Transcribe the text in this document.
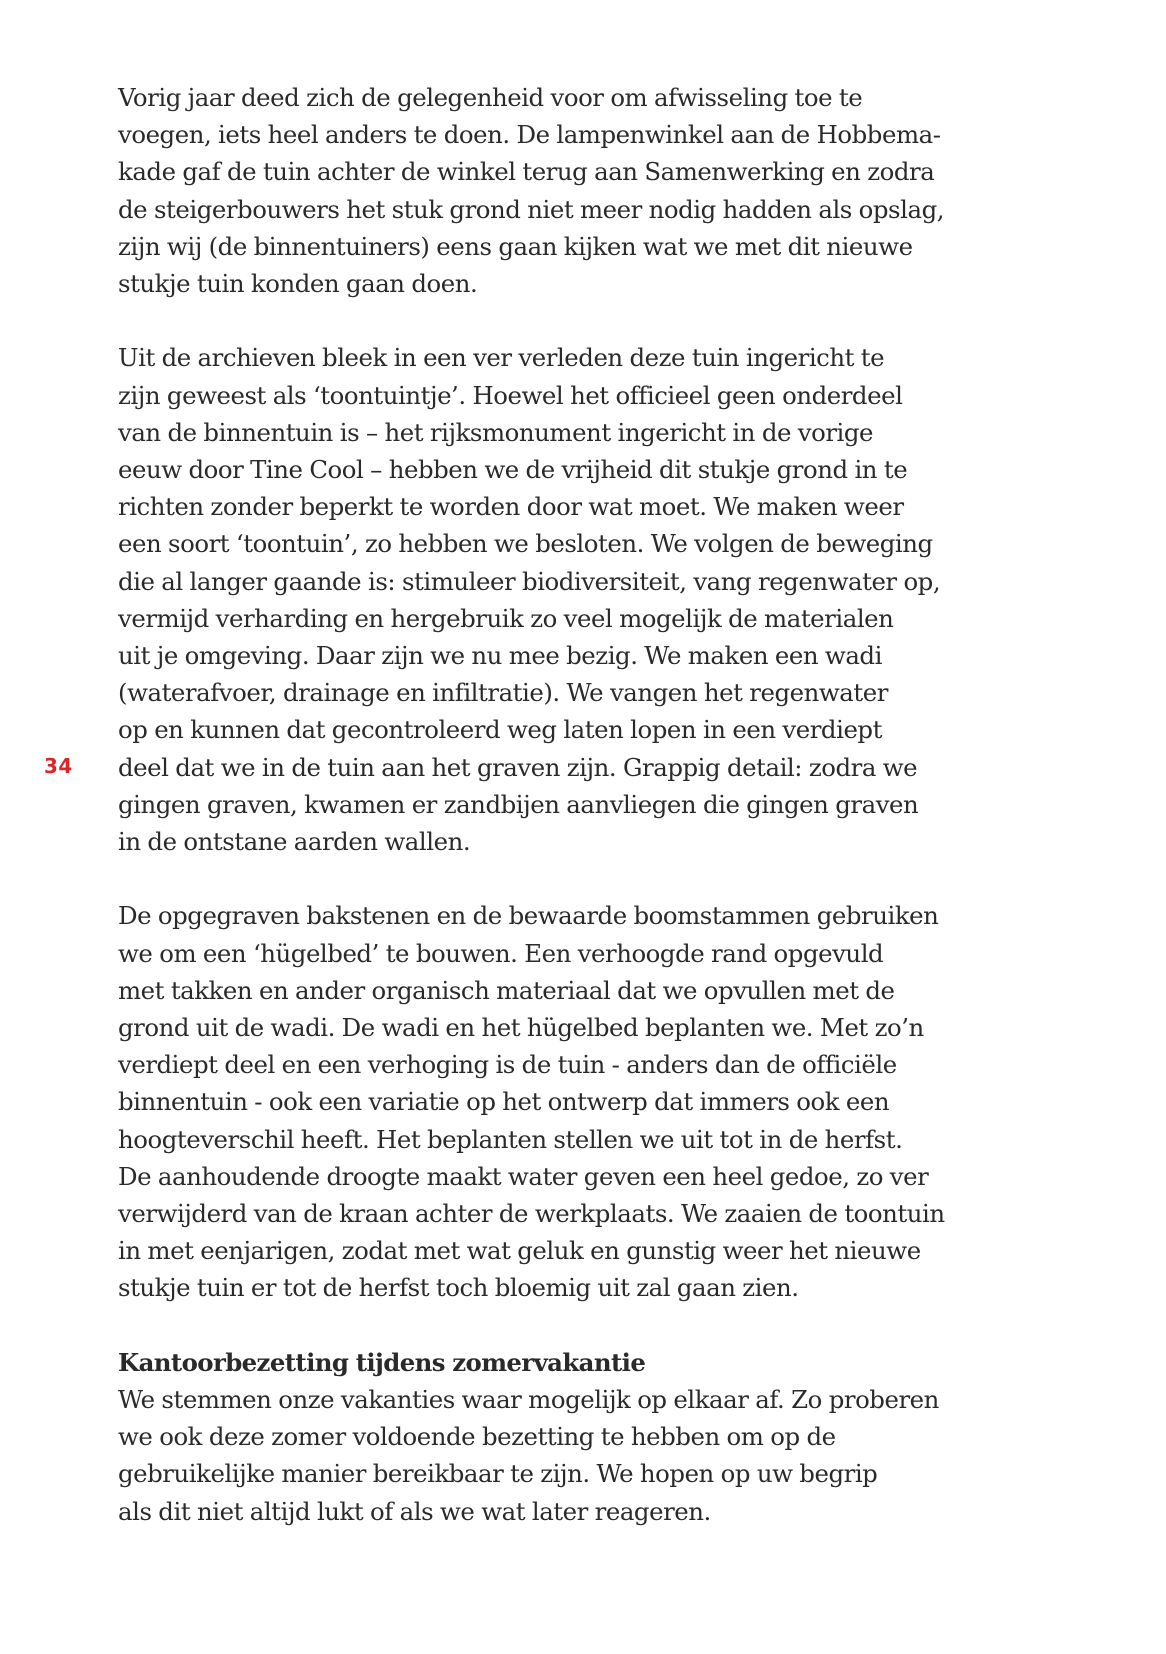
34

Vorig jaar deed zich de gelegenheid voor om afwisseling toe te
voegen, iets heel anders te doen. De lampenwinkel aan de Hobbema-
kade gaf de tuin achter de winkel terug aan Samenwerking en zodra
de steigerbouwers het stuk grond niet meer nodig hadden als opslag,
zijn wij (de binnentuiners) eens gaan kijken wat we met dit nieuwe
stukje tuin konden gaan doen.

Uit de archieven bleek in een ver verleden deze tuin ingericht te
zijn geweest als ‘toontuintje’. Hoewel het officieel geen onderdeel
van de binnentuin is – het rijksmonument ingericht in de vorige
eeuw door Tine Cool – hebben we de vrijheid dit stukje grond in te
richten zonder beperkt te worden door wat moet. We maken weer
een soort ‘toontuin’, zo hebben we besloten. We volgen de beweging
die al langer gaande is: stimuleer biodiversiteit, vang regenwater op,
vermijd verharding en hergebruik zo veel mogelijk de materialen
uit je omgeving. Daar zijn we nu mee bezig. We maken een wadi
(waterafvoer, drainage en infiltratie). We vangen het regenwater
op en kunnen dat gecontroleerd weg laten lopen in een verdiept
deel dat we in de tuin aan het graven zijn. Grappig detail: zodra we
gingen graven, kwamen er zandbijen aanvliegen die gingen graven
in de ontstane aarden wallen.

De opgegraven bakstenen en de bewaarde boomstammen gebruiken
we om een ‘hügelbed’ te bouwen. Een verhoogde rand opgevuld
met takken en ander organisch materiaal dat we opvullen met de
grond uit de wadi. De wadi en het hügelbed beplanten we. Met zo’n
verdiept deel en een verhoging is de tuin - anders dan de officiële
binnentuin - ook een variatie op het ontwerp dat immers ook een
hoogteverschil heeft. Het beplanten stellen we uit tot in de herfst.
De aanhoudende droogte maakt water geven een heel gedoe, zo ver
verwijderd van de kraan achter de werkplaats. We zaaien de toontuin
in met eenjarigen, zodat met wat geluk en gunstig weer het nieuwe
stukje tuin er tot de herfst toch bloemig uit zal gaan zien.

Kantoorbezetting tijdens zomervakantie
We stemmen onze vakanties waar mogelijk op elkaar af. Zo proberen
we ook deze zomer voldoende bezetting te hebben om op de
gebruikelijke manier bereikbaar te zijn. We hopen op uw begrip
als dit niet altijd lukt of als we wat later reageren.
